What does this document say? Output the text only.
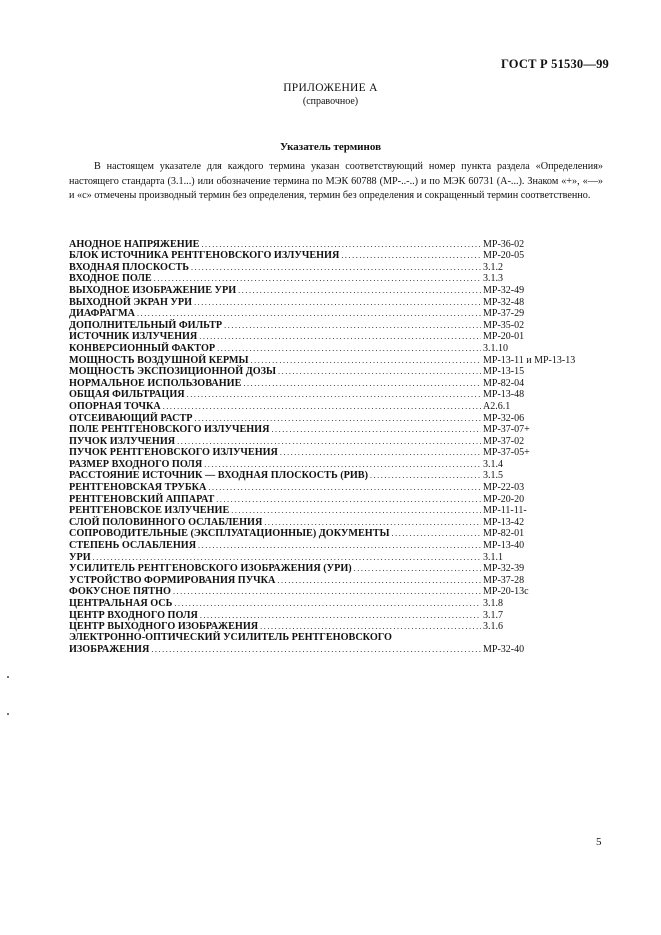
ГОСТ Р 51530—99
ПРИЛОЖЕНИЕ А
(справочное)
Указатель терминов
В настоящем указателе для каждого термина указан соответствующий номер пункта раздела «Определения» настоящего стандарта (3.1...) или обозначение термина по МЭК 60788 (МР-..-..) и по МЭК 60731 (А-...). Знаком «+», «—» и «с» отмечены производный термин без определения, термин без определения и сокращенный термин соответственно.
АНОДНОЕ НАПРЯЖЕНИЕ .....	МР-36-02
БЛОК ИСТОЧНИКА РЕНТГЕНОВСКОГО ИЗЛУЧЕНИЯ .....	МР-20-05
ВХОДНАЯ ПЛОСКОСТЬ .....	3.1.2
ВХОДНОЕ ПОЛЕ .....	3.1.3
ВЫХОДНОЕ ИЗОБРАЖЕНИЕ УРИ .....	МР-32-49
ВЫХОДНОЙ ЭКРАН УРИ .....	МР-32-48
ДИАФРАГМА .....	МР-37-29
ДОПОЛНИТЕЛЬНЫЙ ФИЛЬТР .....	МР-35-02
ИСТОЧНИК ИЗЛУЧЕНИЯ .....	МР-20-01
КОНВЕРСИОННЫЙ ФАКТОР .....	3.1.10
МОЩНОСТЬ ВОЗДУШНОЙ КЕРМЫ .....	МР-13-11 и МР-13-13
МОЩНОСТЬ ЭКСПОЗИЦИОННОЙ ДОЗЫ .....	МР-13-15
НОРМАЛЬНОЕ ИСПОЛЬЗОВАНИЕ .....	МР-82-04
ОБЩАЯ ФИЛЬТРАЦИЯ .....	МР-13-48
ОПОРНАЯ ТОЧКА .....	А2.6.1
ОТСЕИВАЮЩИЙ РАСТР .....	МР-32-06
ПОЛЕ РЕНТГЕНОВСКОГО ИЗЛУЧЕНИЯ .....	МР-37-07+
ПУЧОК ИЗЛУЧЕНИЯ .....	МР-37-02
ПУЧОК РЕНТГЕНОВСКОГО ИЗЛУЧЕНИЯ .....	МР-37-05+
РАЗМЕР ВХОДНОГО ПОЛЯ .....	3.1.4
РАССТОЯНИЕ ИСТОЧНИК — ВХОДНАЯ ПЛОСКОСТЬ (РИВ) .....	3.1.5
РЕНТГЕНОВСКАЯ ТРУБКА .....	МР-22-03
РЕНТГЕНОВСКИЙ АППАРАТ .....	МР-20-20
РЕНТГЕНОВСКОЕ ИЗЛУЧЕНИЕ .....	МР-11-11-
СЛОЙ ПОЛОВИННОГО ОСЛАБЛЕНИЯ .....	МР-13-42
СОПРОВОДИТЕЛЬНЫЕ (ЭКСПЛУАТАЦИОННЫЕ) ДОКУМЕНТЫ .....	МР-82-01
СТЕПЕНЬ ОСЛАБЛЕНИЯ .....	МР-13-40
УРИ .....	3.1.1
УСИЛИТЕЛЬ РЕНТГЕНОВСКОГО ИЗОБРАЖЕНИЯ (УРИ) .....	МР-32-39
УСТРОЙСТВО ФОРМИРОВАНИЯ ПУЧКА .....	МР-37-28
ФОКУСНОЕ ПЯТНО .....	МР-20-13с
ЦЕНТРАЛЬНАЯ ОСЬ .....	3.1.8
ЦЕНТР ВХОДНОГО ПОЛЯ .....	3.1.7
ЦЕНТР ВЫХОДНОГО ИЗОБРАЖЕНИЯ .....	3.1.6
ЭЛЕКТРОННО-ОПТИЧЕСКИЙ УСИЛИТЕЛЬ РЕНТГЕНОВСКОГО
ИЗОБРАЖЕНИЯ .....	МР-32-40
5
